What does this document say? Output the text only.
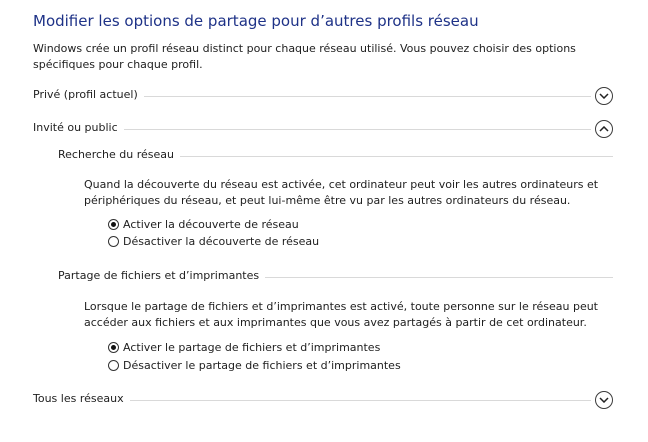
Modifier les options de partage pour d’autres profils réseau
Windows crée un profil réseau distinct pour chaque réseau utilisé. Vous pouvez choisir des options spécifiques pour chaque profil.
Privé (profil actuel)
Invité ou public
Recherche du réseau
Quand la découverte du réseau est activée, cet ordinateur peut voir les autres ordinateurs et périphériques du réseau, et peut lui-même être vu par les autres ordinateurs du réseau.
Activer la découverte de réseau
Désactiver la découverte de réseau
Partage de fichiers et d’imprimantes
Lorsque le partage de fichiers et d’imprimantes est activé, toute personne sur le réseau peut accéder aux fichiers et aux imprimantes que vous avez partagés à partir de cet ordinateur.
Activer le partage de fichiers et d’imprimantes
Désactiver le partage de fichiers et d’imprimantes
Tous les réseaux
